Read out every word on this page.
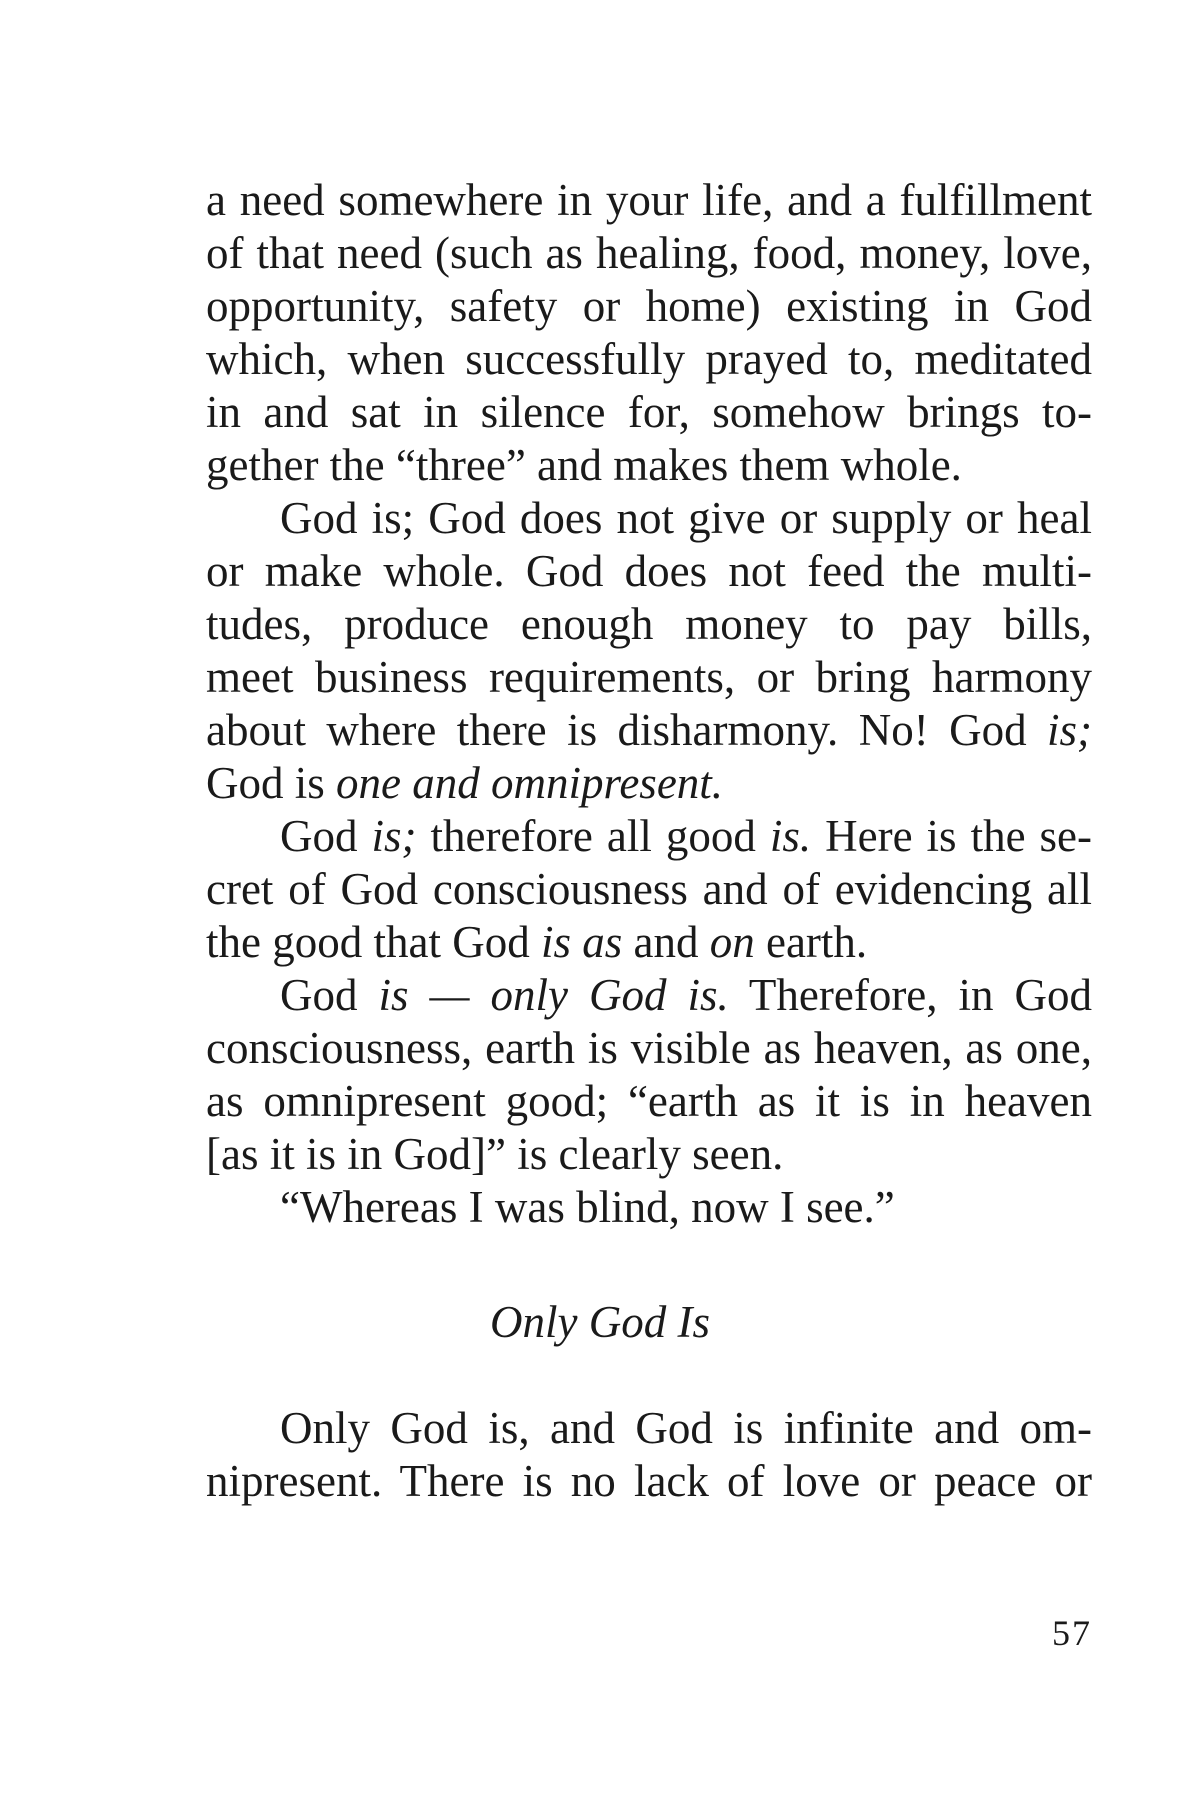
a need somewhere in your life, and a fulfillment
of that need (such as healing, food, money, love,
opportunity, safety or home) existing in God
which, when successfully prayed to, meditated
in and sat in silence for, somehow brings to-
gether the “three” and makes them whole.
God is; God does not give or supply or heal
or make whole. God does not feed the multi-
tudes, produce enough money to pay bills,
meet business requirements, or bring harmony
about where there is disharmony. No! God is;
God is one and omnipresent.
God is; therefore all good is. Here is the se-
cret of God consciousness and of evidencing all
the good that God is as and on earth.
God is — only God is. Therefore, in God
consciousness, earth is visible as heaven, as one,
as omnipresent good; “earth as it is in heaven
[as it is in God]” is clearly seen.
“Whereas I was blind, now I see.”
Only God Is
Only God is, and God is infinite and om-
nipresent. There is no lack of love or peace or
57
